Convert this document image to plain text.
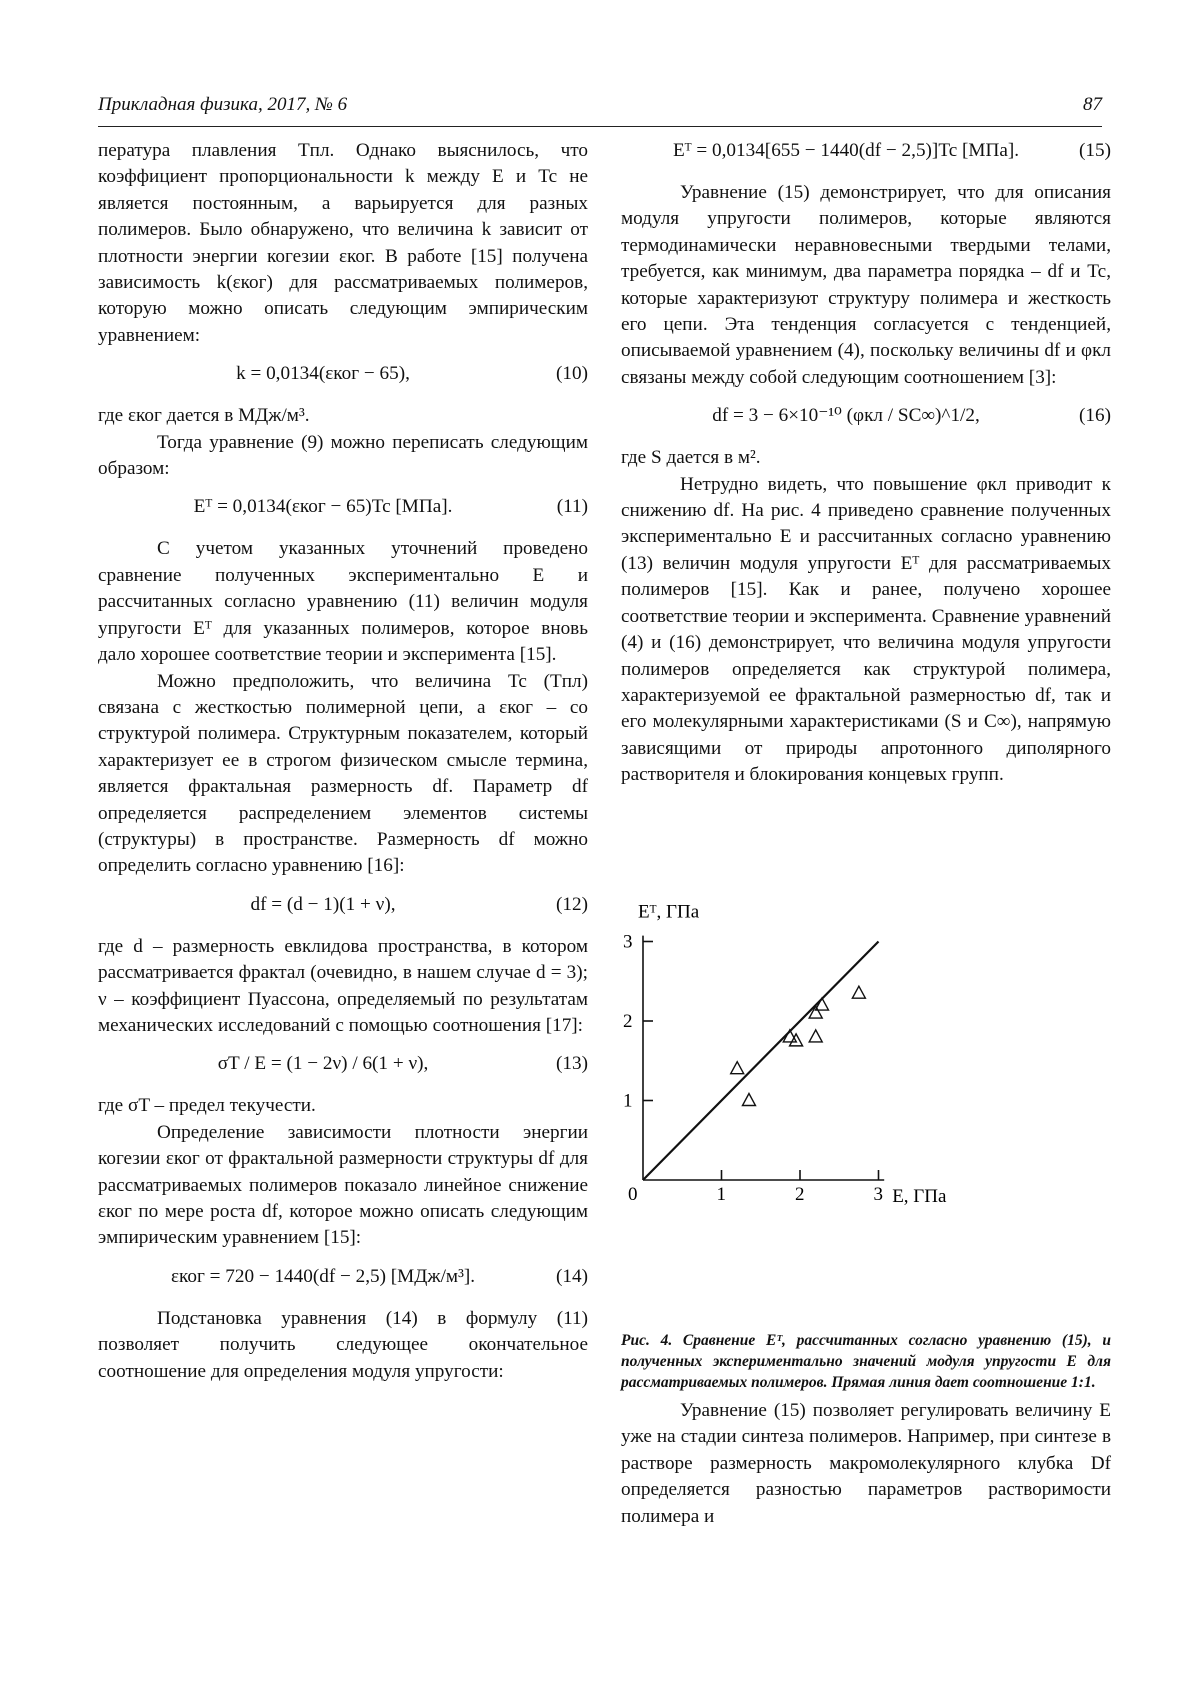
Прикладная физика, 2017, № 6	87

пература плавления Tпл. Однако выяснилось, что коэффициент пропорциональности k между E и Tc не является постоянным, а варьируется для разных полимеров. Было обнаружено, что величина k зависит от плотности энергии когезии εког. В работе [15] получена зависимость k(εког) для рассматриваемых полимеров, которую можно описать следующим эмпирическим уравнением:

k = 0,0134(εког − 65),	(10)

где εког дается в МДж/м³.

Тогда уравнение (9) можно переписать следующим образом:

Eᵀ = 0,0134(εког − 65)Tc [МПа].	(11)

С учетом указанных уточнений проведено сравнение полученных экспериментально E и рассчитанных согласно уравнению (11) величин модуля упругости Eᵀ для указанных полимеров, которое вновь дало хорошее соответствие теории и эксперимента [15].

Можно предположить, что величина Tc (Tпл) связана с жесткостью полимерной цепи, а εког – со структурой полимера. Структурным показателем, который характеризует ее в строгом физическом смысле термина, является фрактальная размерность df. Параметр df определяется распределением элементов системы (структуры) в пространстве. Размерность df можно определить согласно уравнению [16]:

df = (d − 1)(1 + ν),	(12)

где d – размерность евклидова пространства, в котором рассматривается фрактал (очевидно, в нашем случае d = 3); ν – коэффициент Пуассона, определяемый по результатам механических исследований с помощью соотношения [17]:

σT / E = (1 − 2ν) / 6(1 + ν),	(13)

где σT – предел текучести.

Определение зависимости плотности энергии когезии εког от фрактальной размерности структуры df для рассматриваемых полимеров показало линейное снижение εког по мере роста df, которое можно описать следующим эмпирическим уравнением [15]:

εког = 720 − 1440(df − 2,5) [МДж/м³].	(14)

Подстановка уравнения (14) в формулу (11) позволяет получить следующее окончательное соотношение для определения модуля упругости:

Eᵀ = 0,0134[655 − 1440(df − 2,5)]Tc [МПа].	(15)

Уравнение (15) демонстрирует, что для описания модуля упругости полимеров, которые являются термодинамически неравновесными твердыми телами, требуется, как минимум, два параметра порядка – df и Tc, которые характеризуют структуру полимера и жесткость его цепи. Эта тенденция согласуется с тенденцией, описываемой уравнением (4), поскольку величины df и φкл связаны между собой следующим соотношением [3]:

df = 3 − 6×10⁻¹⁰ (φкл / SC∞)^1/2,	(16)

где S дается в м².

Нетрудно видеть, что повышение φкл приводит к снижению df. На рис. 4 приведено сравнение полученных экспериментально E и рассчитанных согласно уравнению (13) величин модуля упругости Eᵀ для рассматриваемых полимеров [15]. Как и ранее, получено хорошее соответствие теории и эксперимента. Сравнение уравнений (4) и (16) демонстрирует, что величина модуля упругости полимеров определяется как структурой полимера, характеризуемой ее фрактальной размерностью df, так и его молекулярными характеристиками (S и C∞), напрямую зависящими от природы апротонного диполярного растворителя и блокирования концевых групп.

Eᵀ, ГПа
E, ГПа
0	1	2	3
1
2
3
Рис. 4. Сравнение Eᵀ, рассчитанных согласно уравнению (15), и полученных экспериментально значений модуля упругости E для рассматриваемых полимеров. Прямая линия дает соотношение 1:1.

Уравнение (15) позволяет регулировать величину E уже на стадии синтеза полимеров. Например, при синтезе в растворе размерность макромолекулярного клубка Df определяется разностью параметров растворимости полимера и
